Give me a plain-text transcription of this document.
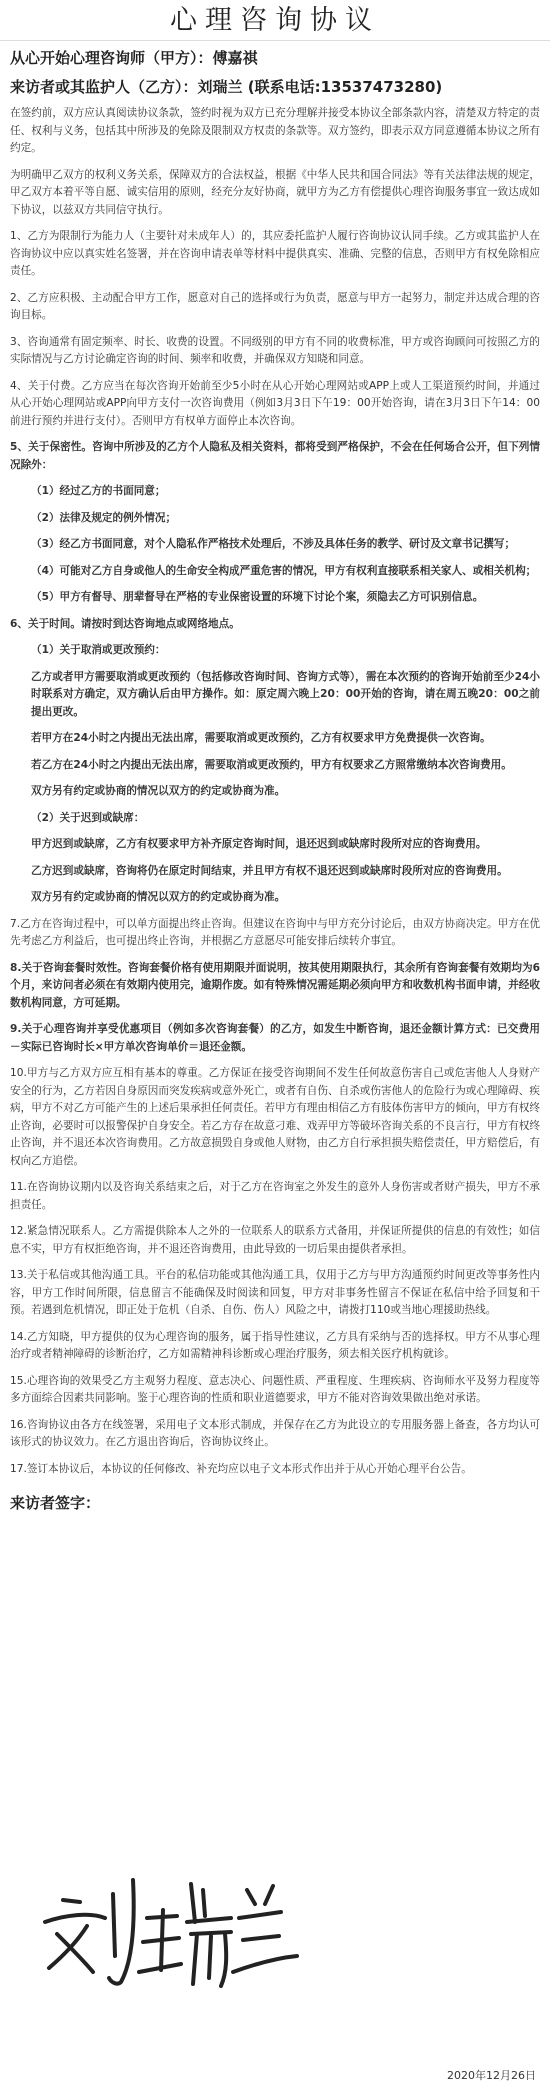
心理咨询协议
从心开始心理咨询师（甲方）：傅嘉祺
来访者或其监护人（乙方）：刘瑞兰 (联系电话:13537473280)

在签约前，双方应认真阅读协议条款，签约时视为双方已充分理解并接受本协议全部条款内容，清楚双方特定的责任、权利与义务，包括其中所涉及的免除及限制双方权责的条款等。双方签约，即表示双方同意遵循本协议之所有约定。

为明确甲乙双方的权利义务关系，保障双方的合法权益，根据《中华人民共和国合同法》等有关法律法规的规定，甲乙双方本着平等自愿、诚实信用的原则，经充分友好协商，就甲方为乙方有偿提供心理咨询服务事宜一致达成如下协议，以兹双方共同信守执行。

1、乙方为限制行为能力人（主要针对未成年人）的，其应委托监护人履行咨询协议认同手续。乙方或其监护人在咨询协议中应以真实姓名签署，并在咨询申请表单等材料中提供真实、准确、完整的信息，否则甲方有权免除相应责任。

2、乙方应积极、主动配合甲方工作，愿意对自己的选择或行为负责，愿意与甲方一起努力，制定并达成合理的咨询目标。

3、咨询通常有固定频率、时长、收费的设置。不同级别的甲方有不同的收费标准，甲方或咨询顾问可按照乙方的实际情况与乙方讨论确定咨询的时间、频率和收费，并确保双方知晓和同意。

4、关于付费。乙方应当在每次咨询开始前至少5小时在从心开始心理网站或APP上或人工渠道预约时间，并通过从心开始心理网站或APP向甲方支付一次咨询费用（例如3月3日下午19：00开始咨询，请在3月3日下午14：00前进行预约并进行支付）。否则甲方有权单方面停止本次咨询。

5、关于保密性。咨询中所涉及的乙方个人隐私及相关资料，都将受到严格保护，不会在任何场合公开，但下列情况除外：

（1）经过乙方的书面同意；

（2）法律及规定的例外情况；

（3）经乙方书面同意，对个人隐私作严格技术处理后，不涉及具体任务的教学、研讨及文章书记撰写；

（4）可能对乙方自身或他人的生命安全构成严重危害的情况，甲方有权利直接联系相关家人、或相关机构；

（5）甲方有督导、朋辈督导在严格的专业保密设置的环境下讨论个案，须隐去乙方可识别信息。

6、关于时间。请按时到达咨询地点或网络地点。

（1）关于取消或更改预约：

乙方或者甲方需要取消或更改预约（包括修改咨询时间、咨询方式等），需在本次预约的咨询开始前至少24小时联系对方确定，双方确认后由甲方操作。如：原定周六晚上20：00开始的咨询，请在周五晚20：00之前提出更改。

若甲方在24小时之内提出无法出席，需要取消或更改预约，乙方有权要求甲方免费提供一次咨询。

若乙方在24小时之内提出无法出席，需要取消或更改预约，甲方有权要求乙方照常缴纳本次咨询费用。

双方另有约定或协商的情况以双方的约定或协商为准。

（2）关于迟到或缺席：

甲方迟到或缺席，乙方有权要求甲方补齐原定咨询时间，退还迟到或缺席时段所对应的咨询费用。

乙方迟到或缺席，咨询将仍在原定时间结束，并且甲方有权不退还迟到或缺席时段所对应的咨询费用。

双方另有约定或协商的情况以双方的约定或协商为准。

7.乙方在咨询过程中，可以单方面提出终止咨询。但建议在咨询中与甲方充分讨论后，由双方协商决定。甲方在优先考虑乙方利益后，也可提出终止咨询，并根据乙方意愿尽可能安排后续转介事宜。

8.关于咨询套餐时效性。咨询套餐价格有使用期限并面说明，按其使用期限执行，其余所有咨询套餐有效期均为6个月，来访问者必须在有效期内使用完，逾期作废。如有特殊情况需延期必须向甲方和收数机构书面申请，并经收数机构同意，方可延期。

9.关于心理咨询并享受优惠项目（例如多次咨询套餐）的乙方，如发生中断咨询，退还金额计算方式：已交费用－实际已咨询时长×甲方单次咨询单价＝退还金额。

10.甲方与乙方双方应互相有基本的尊重。乙方保证在接受咨询期间不发生任何故意伤害自己或危害他人人身财产安全的行为，乙方若因自身原因而突发疾病或意外死亡，或者有自伤、自杀或伤害他人的危险行为或心理障碍、疾病，甲方不对乙方可能产生的上述后果承担任何责任。若甲方有理由相信乙方有肢体伤害甲方的倾向，甲方有权终止咨询，必要时可以报警保护自身安全。若乙方存在故意刁难、戏弄甲方等破坏咨询关系的不良言行，甲方有权终止咨询，并不退还本次咨询费用。乙方故意损毁自身或他人财物，由乙方自行承担损失赔偿责任，甲方赔偿后，有权向乙方追偿。

11.在咨询协议期内以及咨询关系结束之后，对于乙方在咨询室之外发生的意外人身伤害或者财产损失，甲方不承担责任。

12.紧急情况联系人。乙方需提供除本人之外的一位联系人的联系方式备用，并保证所提供的信息的有效性；如信息不实，甲方有权拒绝咨询，并不退还咨询费用，由此导致的一切后果由提供者承担。

13.关于私信或其他沟通工具。平台的私信功能或其他沟通工具，仅用于乙方与甲方沟通预约时间更改等事务性内容，甲方工作时间所限，信息留言不能确保及时阅读和回复，甲方对非事务性留言不保证在私信中给予回复和干预。若遇到危机情况，即正处于危机（自杀、自伤、伤人）风险之中，请拨打110或当地心理援助热线。

14.乙方知晓，甲方提供的仅为心理咨询的服务，属于指导性建议，乙方具有采纳与否的选择权。甲方不从事心理治疗或者精神障碍的诊断治疗，乙方如需精神科诊断或心理治疗服务，须去相关医疗机构就诊。

15.心理咨询的效果受乙方主观努力程度、意志决心、问题性质、严重程度、生理疾病、咨询师水平及努力程度等多方面综合因素共同影响。鉴于心理咨询的性质和职业道德要求，甲方不能对咨询效果做出绝对承诺。

16.咨询协议由各方在线签署，采用电子文本形式制成，并保存在乙方为此设立的专用服务器上备查，各方均认可该形式的协议效力。在乙方退出咨询后，咨询协议终止。

17.签订本协议后，本协议的任何修改、补充均应以电子文本形式作出并于从心开始心理平台公告。

来访者签字：
2020年12月26日
